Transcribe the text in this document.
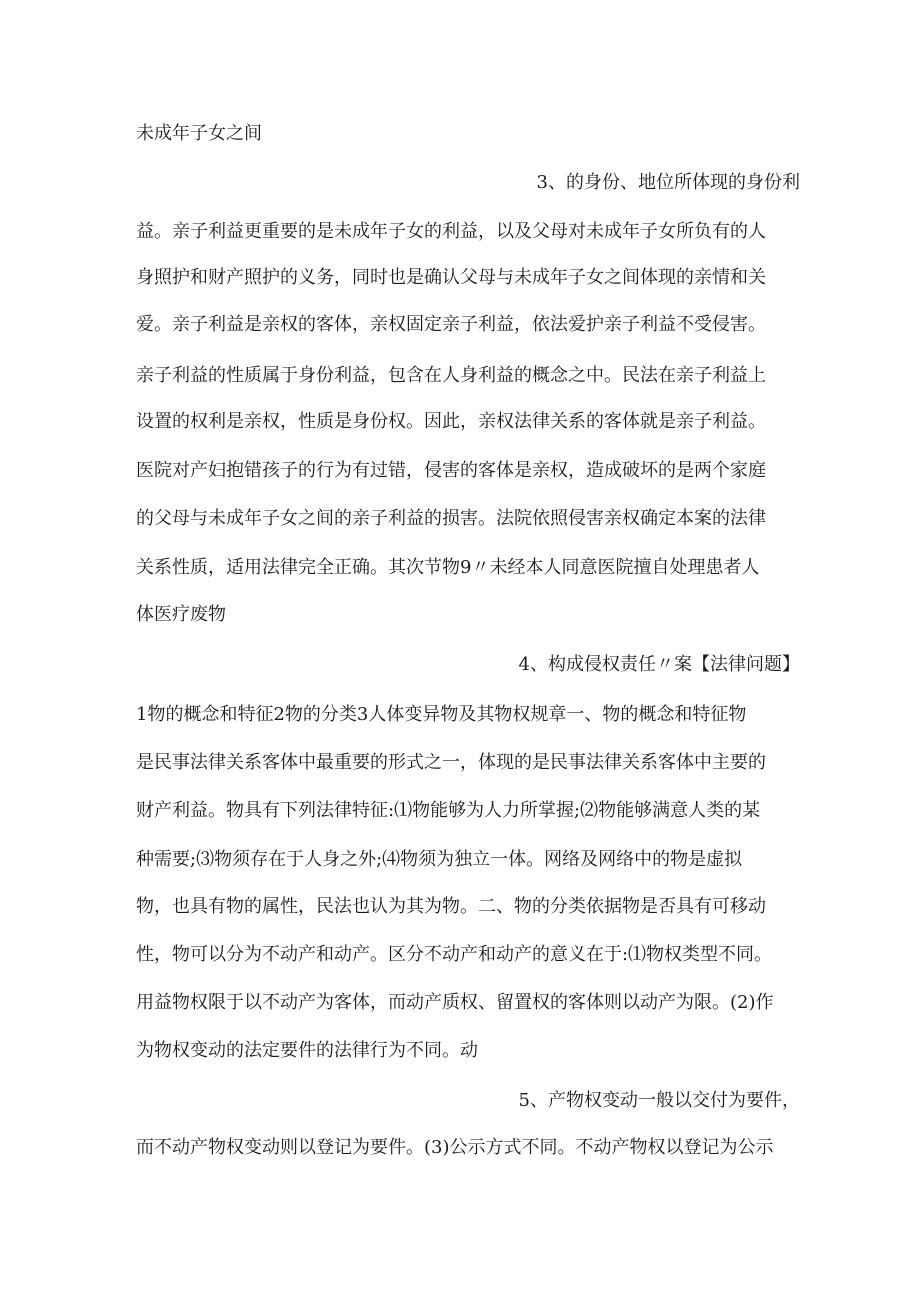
未成年子女之间
3、的身份、地位所体现的身份利
益。亲子利益更重要的是未成年子女的利益，以及父母对未成年子女所负有的人
身照护和财产照护的义务，同时也是确认父母与未成年子女之间体现的亲情和关
爱。亲子利益是亲权的客体，亲权固定亲子利益，依法爱护亲子利益不受侵害。
亲子利益的性质属于身份利益，包含在人身利益的概念之中。民法在亲子利益上
设置的权利是亲权，性质是身份权。因此，亲权法律关系的客体就是亲子利益。
医院对产妇抱错孩子的行为有过错，侵害的客体是亲权，造成破坏的是两个家庭
的父母与未成年子女之间的亲子利益的损害。法院依照侵害亲权确定本案的法律
关系性质，适用法律完全正确。其次节物9〃未经本人同意医院擅自处理患者人
体医疗废物
4、构成侵权责任〃案【法律问题】
1物的概念和特征2物的分类3人体变异物及其物权规章一、物的概念和特征物
是民事法律关系客体中最重要的形式之一，体现的是民事法律关系客体中主要的
财产利益。物具有下列法律特征:⑴物能够为人力所掌握;⑵物能够满意人类的某
种需要;⑶物须存在于人身之外;⑷物须为独立一体。网络及网络中的物是虚拟
物，也具有物的属性，民法也认为其为物。二、物的分类依据物是否具有可移动
性，物可以分为不动产和动产。区分不动产和动产的意义在于:⑴物权类型不同。
用益物权限于以不动产为客体，而动产质权、留置权的客体则以动产为限。(2)作
为物权变动的法定要件的法律行为不同。动
5、产物权变动一般以交付为要件，
而不动产物权变动则以登记为要件。(3)公示方式不同。不动产物权以登记为公示
